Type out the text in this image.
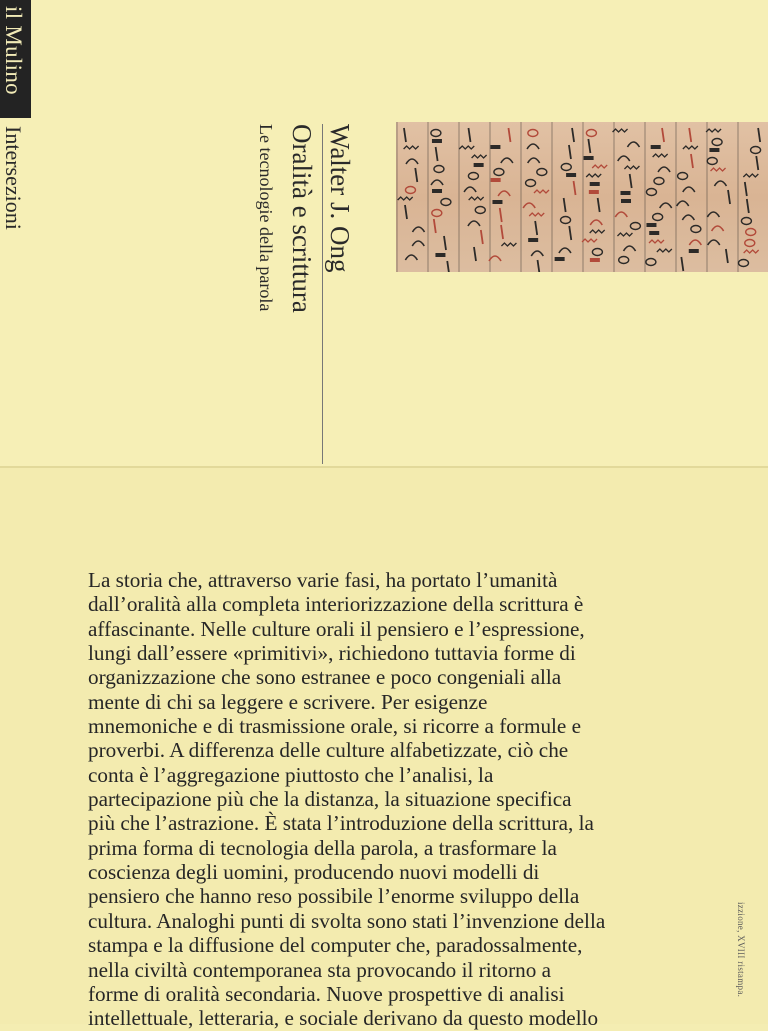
il Mulino
Intersezioni	Walter J. Ong
Oralità e scrittura
Le tecnologie della parola

La storia che, attraverso varie fasi, ha portato l’umanità
dall’oralità alla completa interiorizzazione della scrittura è
affascinante. Nelle culture orali il pensiero e l’espressione,
lungi dall’essere «primitivi», richiedono tuttavia forme di
organizzazione che sono estranee e poco congeniali alla
mente di chi sa leggere e scrivere. Per esigenze
mnemoniche e di trasmissione orale, si ricorre a formule e
proverbi. A differenza delle culture alfabetizzate, ciò che
conta è l’aggregazione piuttosto che l’analisi, la
partecipazione più che la distanza, la situazione specifica
più che l’astrazione. È stata l’introduzione della scrittura, la
prima forma di tecnologia della parola, a trasformare la
coscienza degli uomini, producendo nuovi modelli di
pensiero che hanno reso possibile l’enorme sviluppo della
cultura. Analoghi punti di svolta sono stati l’invenzione della
stampa e la diffusione del computer che, paradossalmente,
nella civiltà contemporanea sta provocando il ritorno a
forme di oralità secondaria. Nuove prospettive di analisi
intellettuale, letteraria, e sociale derivano da questo modello

izzione, XVIII ristampa.
